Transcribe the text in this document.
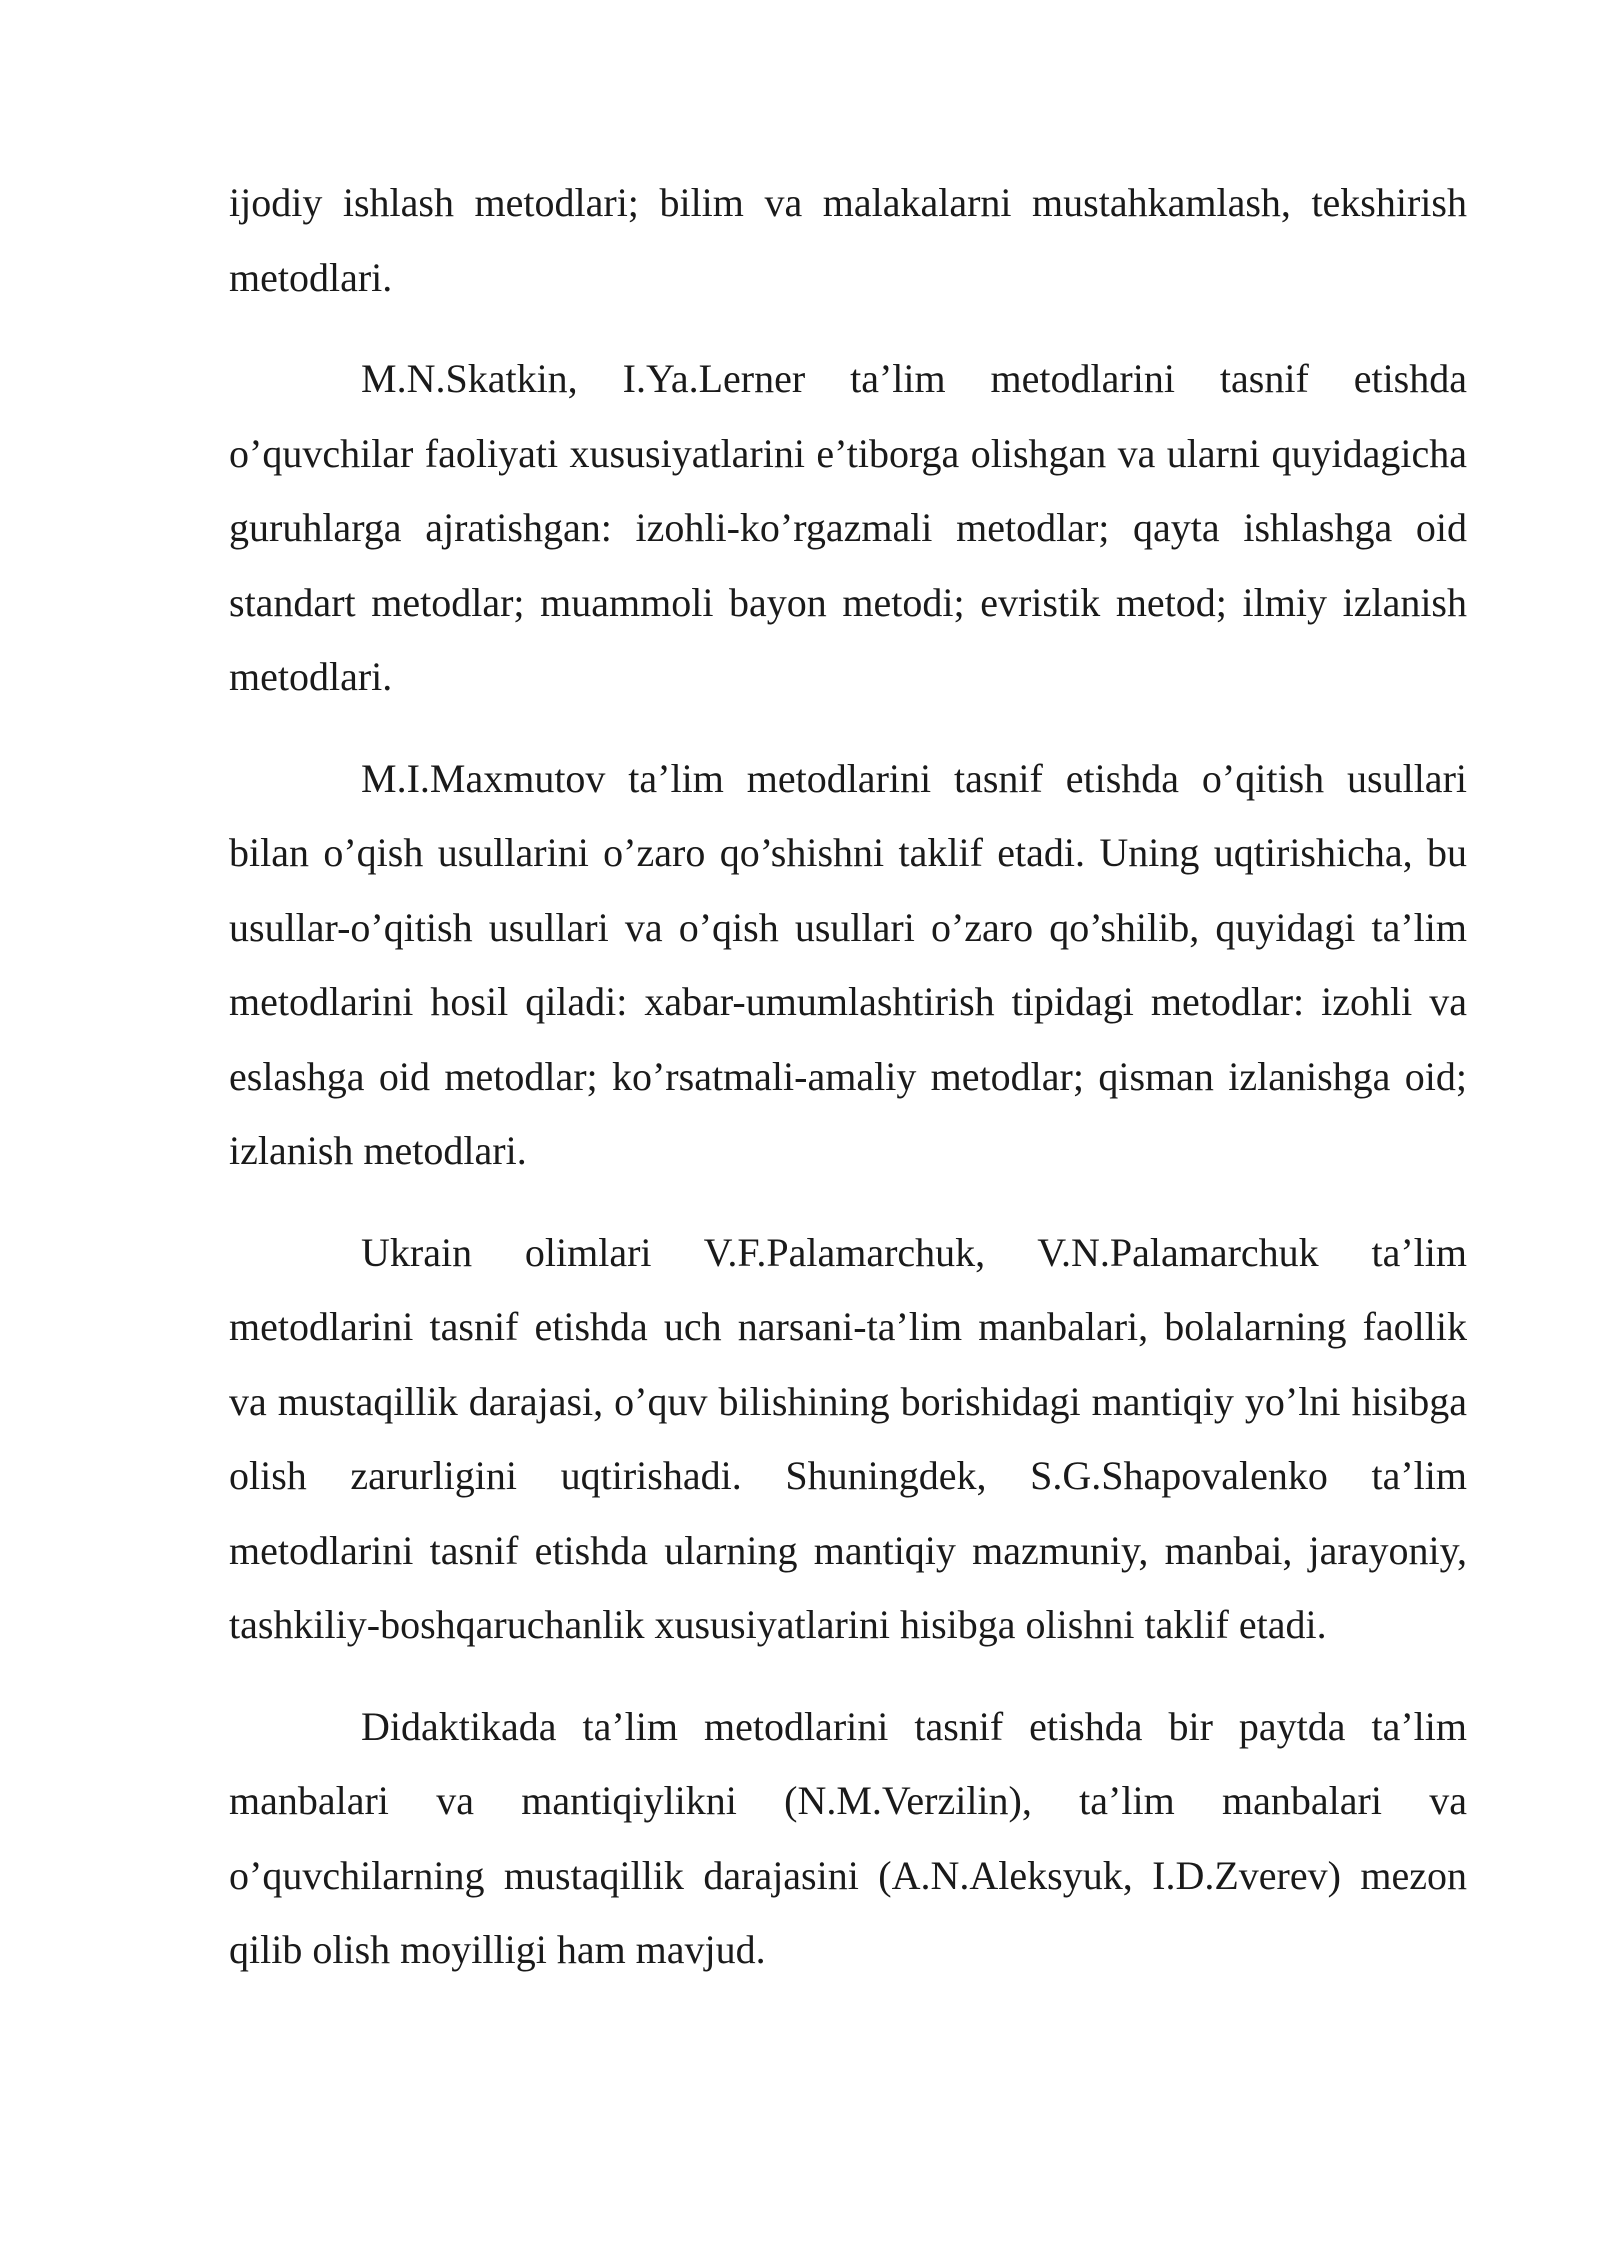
ijodiy ishlash metodlari; bilim va malakalarni mustahkamlash, tekshirish metodlari.

M.N.Skatkin, I.Ya.Lerner ta’lim metodlarini tasnif etishda o’quvchilar faoliyati xususiyatlarini e’tiborga olishgan va ularni quyidagicha guruhlarga ajratishgan: izohli-ko’rgazmali metodlar; qayta ishlashga oid standart metodlar; muammoli bayon metodi; evristik metod; ilmiy izlanish metodlari.

M.I.Maxmutov ta’lim metodlarini tasnif etishda o’qitish usullari bilan o’qish usullarini o’zaro qo’shishni taklif etadi. Uning uqtirishicha, bu usullar-o’qitish usullari va o’qish usullari o’zaro qo’shilib, quyidagi ta’lim metodlarini hosil qiladi: xabar-umumlashtirish tipidagi metodlar: izohli va eslashga oid metodlar; ko’rsatmali-amaliy metodlar; qisman izlanishga oid; izlanish metodlari.

Ukrain olimlari V.F.Palamarchuk, V.N.Palamarchuk ta’lim metodlarini tasnif etishda uch narsani-ta’lim manbalari, bolalarning faollik va mustaqillik darajasi, o’quv bilishining borishidagi mantiqiy yo’lni hisibga olish zarurligini uqtirishadi. Shuningdek, S.G.Shapovalenko ta’lim metodlarini tasnif etishda ularning mantiqiy mazmuniy, manbai, jarayoniy, tashkiliy-boshqaruchanlik xususiyatlarini hisibga olishni taklif etadi.

Didaktikada ta’lim metodlarini tasnif etishda bir paytda ta’lim manbalari va mantiqiylikni (N.M.Verzilin), ta’lim manbalari va o’quvchilarning mustaqillik darajasini (A.N.Aleksyuk, I.D.Zverev) mezon qilib olish moyilligi ham mavjud.
